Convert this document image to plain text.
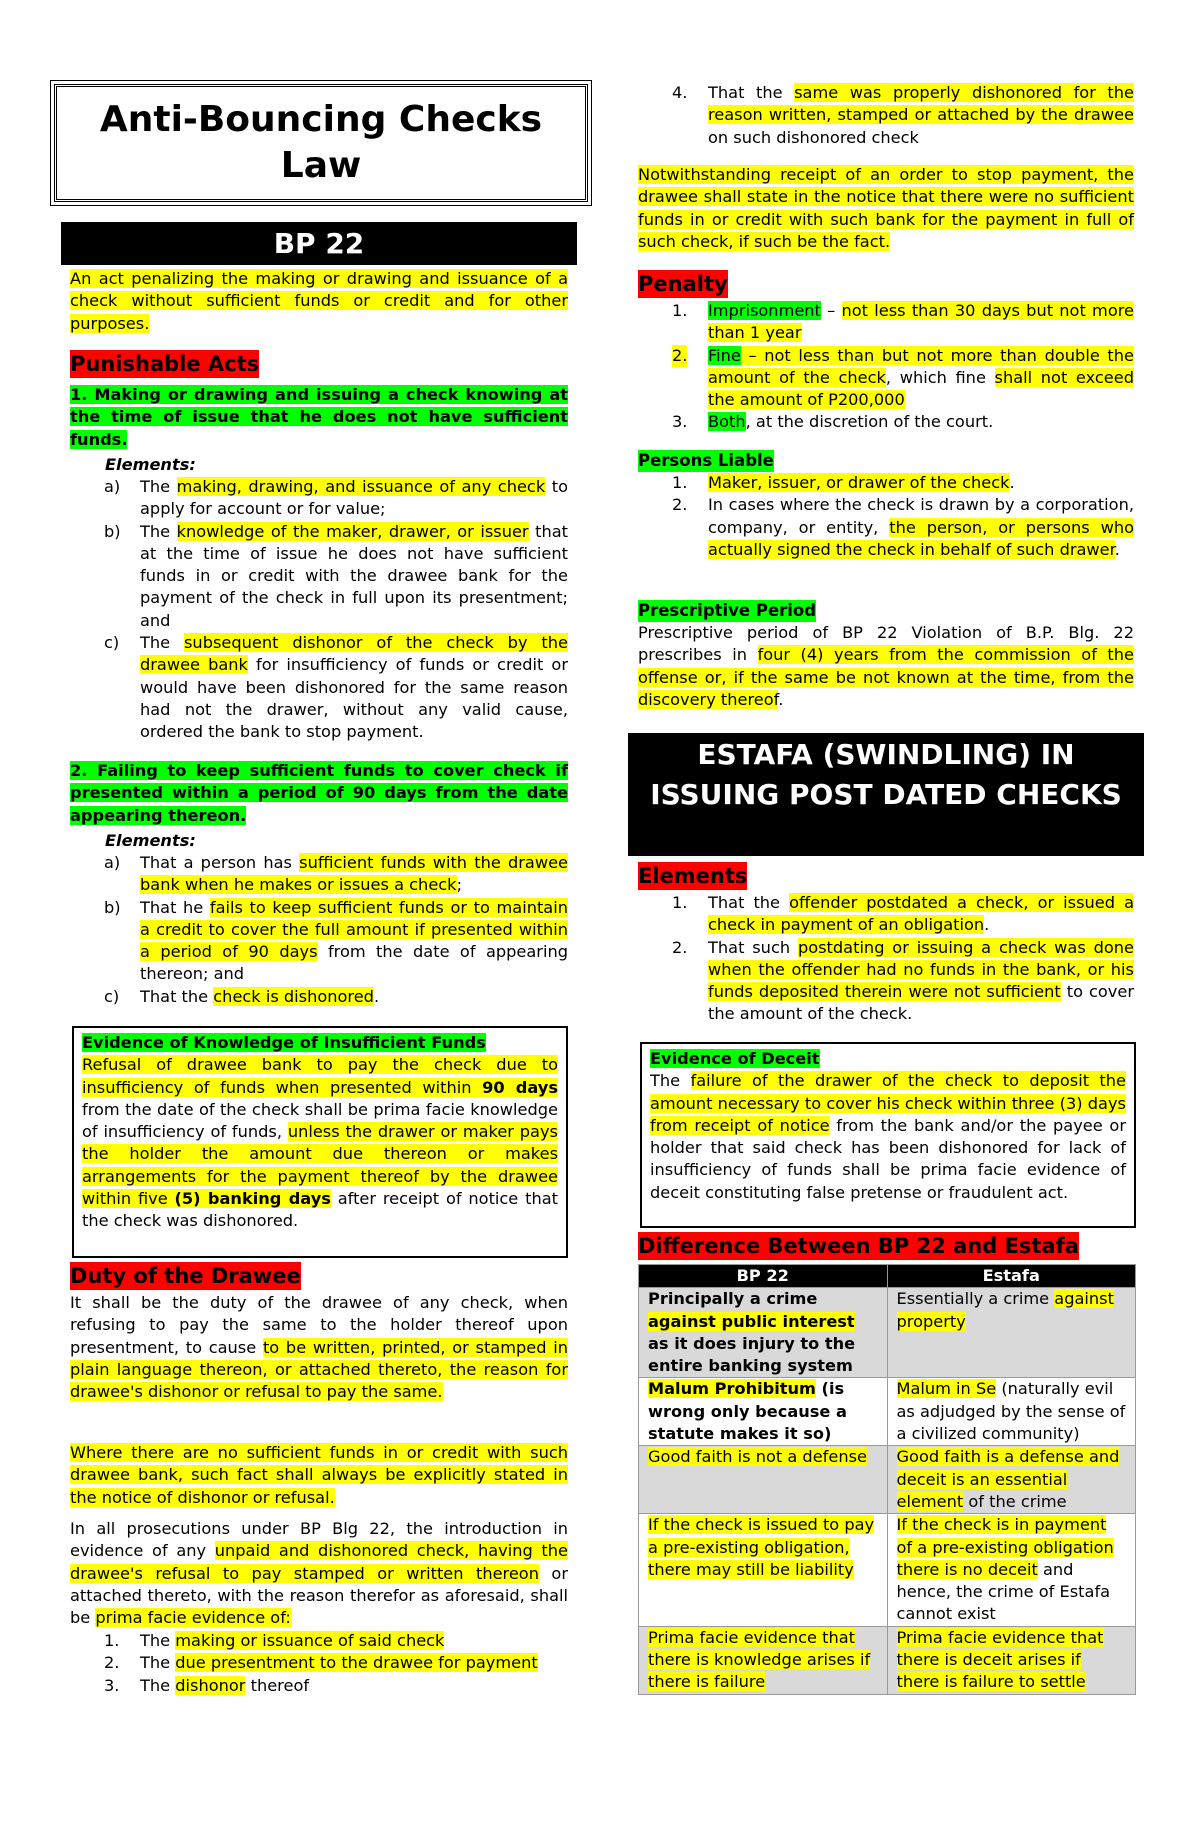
Anti-Bouncing Checks Law
BP 22

An act penalizing the making or drawing and issuance of a check without sufficient funds or credit and for other purposes.

Punishable Acts

1. Making or drawing and issuing a check knowing at the time of issue that he does not have sufficient funds.

Elements:

a) The making, drawing, and issuance of any check to apply for account or for value;
b) The knowledge of the maker, drawer, or issuer that at the time of issue he does not have sufficient funds in or credit with the drawee bank for the payment of the check in full upon its presentment; and
c) The subsequent dishonor of the check by the drawee bank for insufficiency of funds or credit or would have been dishonored for the same reason had not the drawer, without any valid cause, ordered the bank to stop payment.

2. Failing to keep sufficient funds to cover check if presented within a period of 90 days from the date appearing thereon.

Elements:

a) That a person has sufficient funds with the drawee bank when he makes or issues a check;
b) That he fails to keep sufficient funds or to maintain a credit to cover the full amount if presented within a period of 90 days from the date of appearing thereon; and
c) That the check is dishonored.

Evidence of Knowledge of Insufficient Funds

Refusal of drawee bank to pay the check due to insufficiency of funds when presented within 90 days from the date of the check shall be prima facie knowledge of insufficiency of funds, unless the drawer or maker pays the holder the amount due thereon or makes arrangements for the payment thereof by the drawee within five (5) banking days after receipt of notice that the check was dishonored.

Duty of the Drawee

It shall be the duty of the drawee of any check, when refusing to pay the same to the holder thereof upon presentment, to cause to be written, printed, or stamped in plain language thereon, or attached thereto, the reason for drawee's dishonor or refusal to pay the same.

Where there are no sufficient funds in or credit with such drawee bank, such fact shall always be explicitly stated in the notice of dishonor or refusal.

In all prosecutions under BP Blg 22, the introduction in evidence of any unpaid and dishonored check, having the drawee's refusal to pay stamped or written thereon or attached thereto, with the reason therefor as aforesaid, shall be prima facie evidence of:

1. The making or issuance of said check
2. The due presentment to the drawee for payment
3. The dishonor thereof
4. That the same was properly dishonored for the reason written, stamped or attached by the drawee on such dishonored check

Notwithstanding receipt of an order to stop payment, the drawee shall state in the notice that there were no sufficient funds in or credit with such bank for the payment in full of such check, if such be the fact.

Penalty
1. Imprisonment – not less than 30 days but not more than 1 year
2. Fine – not less than but not more than double the amount of the check, which fine shall not exceed the amount of P200,000
3. Both, at the discretion of the court.
Persons Liable
1. Maker, issuer, or drawer of the check.
2. In cases where the check is drawn by a corporation, company, or entity, the person, or persons who actually signed the check in behalf of such drawer.
Prescriptive Period

Prescriptive period of BP 22 Violation of B.P. Blg. 22 prescribes in four (4) years from the commission of the offense or, if the same be not known at the time, from the discovery thereof.

ESTAFA (SWINDLING) IN ISSUING POST DATED CHECKS
Elements
1. That the offender postdated a check, or issued a check in payment of an obligation.
2. That such postdating or issuing a check was done when the offender had no funds in the bank, or his funds deposited therein were not sufficient to cover the amount of the check.

Evidence of Deceit

The failure of the drawer of the check to deposit the amount necessary to cover his check within three (3) days from receipt of notice from the bank and/or the payee or holder that said check has been dishonored for lack of insufficiency of funds shall be prima facie evidence of deceit constituting false pretense or fraudulent act.

Difference Between BP 22 and Estafa
BP 22	Estafa
Principally a crime against public interest as it does injury to the entire banking system	Essentially a crime against property
Malum Prohibitum (is wrong only because a statute makes it so)	Malum in Se (naturally evil as adjudged by the sense of a civilized community)
Good faith is not a defense	Good faith is a defense and deceit is an essential element of the crime
If the check is issued to pay a pre-existing obligation, there may still be liability	If the check is in payment of a pre-existing obligation there is no deceit and hence, the crime of Estafa cannot exist
Prima facie evidence that there is knowledge arises if there is failure	Prima facie evidence that there is deceit arises if there is failure to settle
